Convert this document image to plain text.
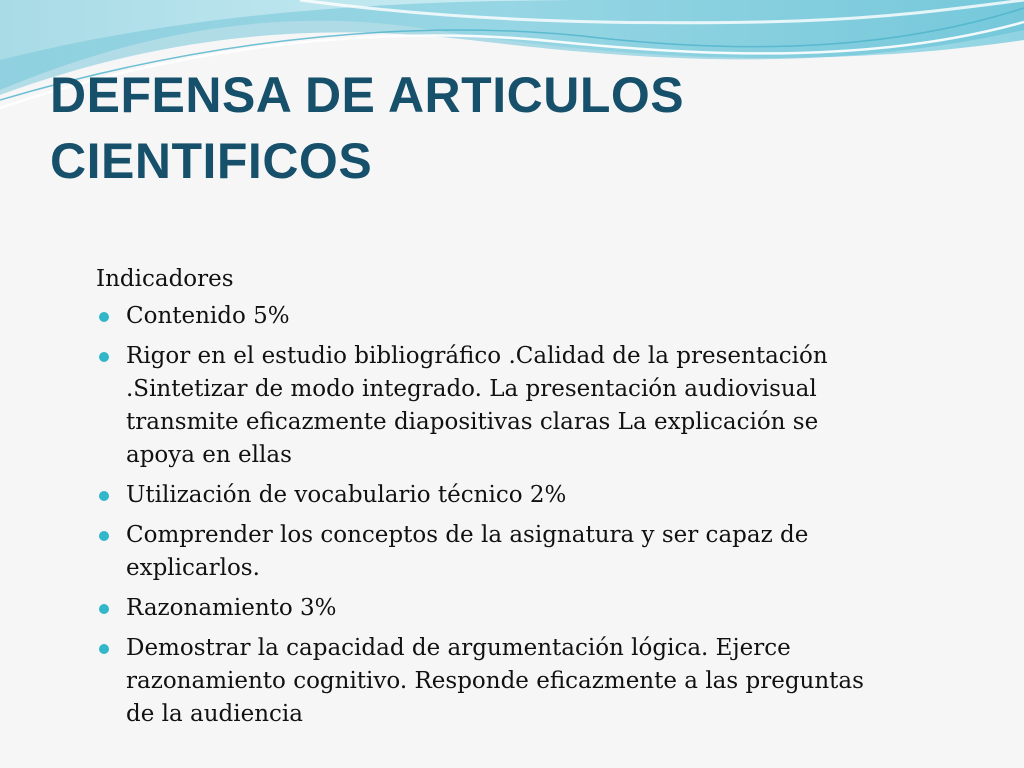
DEFENSA DE ARTICULOS
CIENTIFICOS

Indicadores

Contenido 5%
Rigor en el estudio bibliográfico .Calidad de la presentación .Sintetizar de modo integrado. La presentación audiovisual transmite eficazmente diapositivas claras La explicación se apoya en ellas
Utilización de vocabulario técnico 2%
Comprender los conceptos de la asignatura y ser capaz de explicarlos.
Razonamiento 3%
Demostrar la capacidad de argumentación lógica. Ejerce razonamiento cognitivo. Responde eficazmente a las preguntas de la audiencia
